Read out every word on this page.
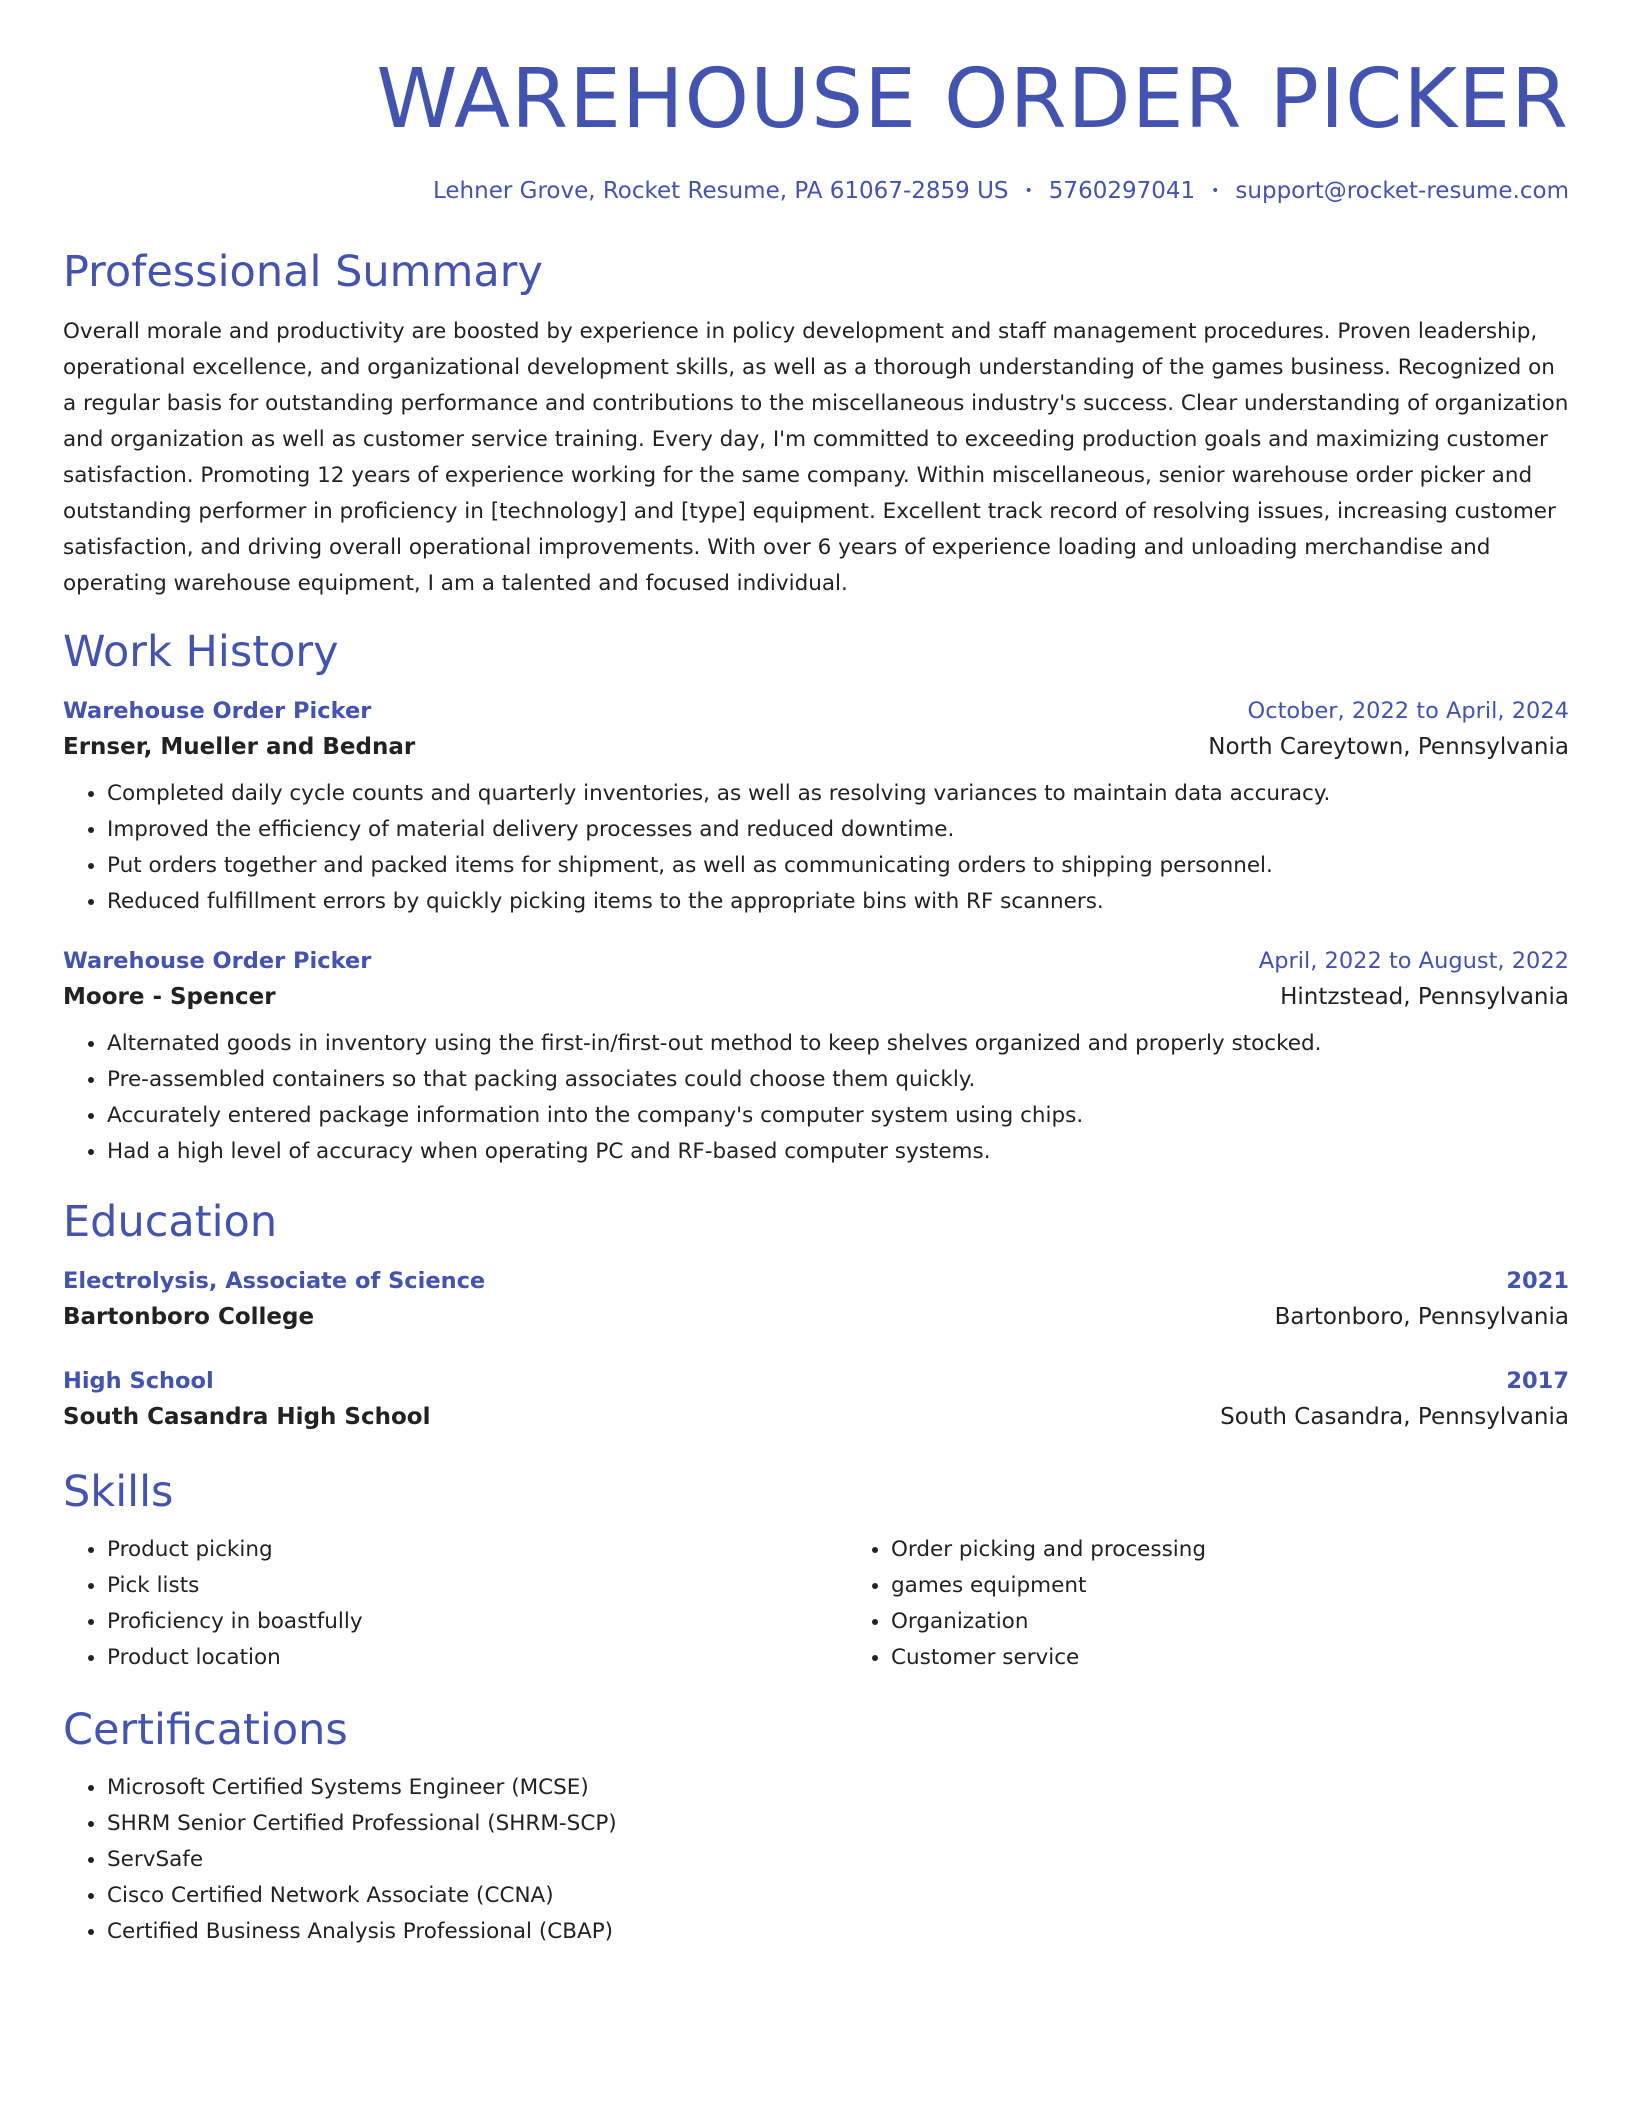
WAREHOUSE ORDER PICKER
Lehner Grove, Rocket Resume, PA 61067-2859 US • 5760297041 • support@rocket-resume.com
Professional Summary
Overall morale and productivity are boosted by experience in policy development and staff management procedures. Proven leadership, operational excellence, and organizational development skills, as well as a thorough understanding of the games business. Recognized on a regular basis for outstanding performance and contributions to the miscellaneous industry's success. Clear understanding of organization and organization as well as customer service training. Every day, I'm committed to exceeding production goals and maximizing customer satisfaction. Promoting 12 years of experience working for the same company. Within miscellaneous, senior warehouse order picker and outstanding performer in proficiency in [technology] and [type] equipment. Excellent track record of resolving issues, increasing customer satisfaction, and driving overall operational improvements. With over 6 years of experience loading and unloading merchandise and operating warehouse equipment, I am a talented and focused individual.
Work History
Warehouse Order Picker	October, 2022 to April, 2024
Ernser, Mueller and Bednar	North Careytown, Pennsylvania
• Completed daily cycle counts and quarterly inventories, as well as resolving variances to maintain data accuracy.
• Improved the efficiency of material delivery processes and reduced downtime.
• Put orders together and packed items for shipment, as well as communicating orders to shipping personnel.
• Reduced fulfillment errors by quickly picking items to the appropriate bins with RF scanners.
Warehouse Order Picker	April, 2022 to August, 2022
Moore - Spencer	Hintzstead, Pennsylvania
• Alternated goods in inventory using the first-in/first-out method to keep shelves organized and properly stocked.
• Pre-assembled containers so that packing associates could choose them quickly.
• Accurately entered package information into the company's computer system using chips.
• Had a high level of accuracy when operating PC and RF-based computer systems.
Education
Electrolysis, Associate of Science	2021
Bartonboro College	Bartonboro, Pennsylvania
High School	2017
South Casandra High School	South Casandra, Pennsylvania
Skills
• Product picking
• Pick lists
• Proficiency in boastfully
• Product location
• Order picking and processing
• games equipment
• Organization
• Customer service
Certifications
• Microsoft Certified Systems Engineer (MCSE)
• SHRM Senior Certified Professional (SHRM-SCP)
• ServSafe
• Cisco Certified Network Associate (CCNA)
• Certified Business Analysis Professional (CBAP)
